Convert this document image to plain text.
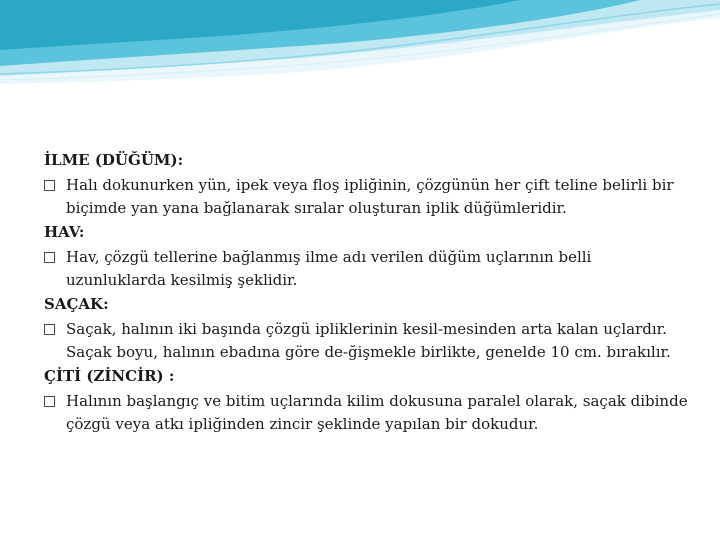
İLME (DÜĞÜM):
Halı dokunurken yün, ipek veya floş ipliğinin, çözgünün her çift teline belirli bir biçimde yan yana bağlanarak sıralar oluşturan iplik düğümleridir.
HAV:
Hav, çözgü tellerine bağlanmış ilme adı verilen düğüm uçlarının belli uzunluklarda kesilmiş şeklidir.
SAÇAK:
Saçak, halının iki başında çözgü ipliklerinin kesil-mesinden arta kalan uçlardır. Saçak boyu, halının ebadına göre de-ğişmekle birlikte, genelde 10 cm. bırakılır.
ÇİTİ (ZİNCİR) :
Halının başlangıç ve bitim uçlarında kilim dokusuna paralel olarak, saçak dibinde çözgü veya atkı ipliğinden zincir şeklinde yapılan bir dokudur.
